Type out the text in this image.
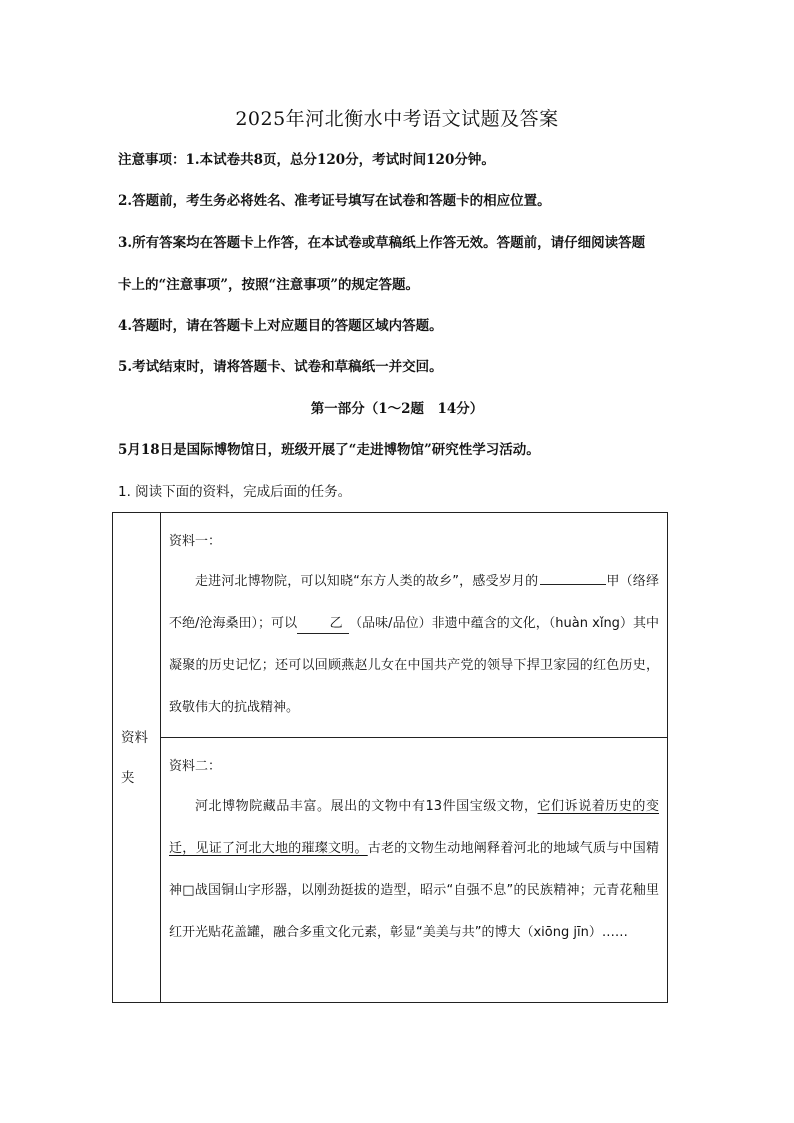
2025年河北衡水中考语文试题及答案
注意事项：1.本试卷共8页，总分120分，考试时间120分钟。
2.答题前，考生务必将姓名、准考证号填写在试卷和答题卡的相应位置。
3.所有答案均在答题卡上作答，在本试卷或草稿纸上作答无效。答题前，请仔细阅读答题
卡上的“注意事项”，按照“注意事项”的规定答题。
4.答题时，请在答题卡上对应题目的答题区域内答题。
5.考试结束时，请将答题卡、试卷和草稿纸一并交回。
第一部分（1～2题　14分）
5月18日是国际博物馆日，班级开展了“走进博物馆”研究性学习活动。
1. 阅读下面的资料，完成后面的任务。
资料
夹

资料一：

走进河北博物院，可以知晓“东方人类的故乡”，感受岁月的	甲（络绎不绝/沧海桑田）；可以 乙 （品味/品位）非遗中蕴含的文化，（huàn xǐng）其中凝聚的历史记忆；还可以回顾燕赵儿女在中国共产党的领导下捍卫家园的红色历史，致敬伟大的抗战精神。

资料二：

河北博物院藏品丰富。展出的文物中有13件国宝级文物，它们诉说着历史的变迁，见证了河北大地的璀璨文明。古老的文物生动地阐释着河北的地域气质与中国精神□战国铜山字形器，以刚劲挺拔的造型，昭示“自强不息”的民族精神；元青花釉里红开光贴花盖罐，融合多重文化元素，彰显“美美与共”的博大（xiōng jīn）……
